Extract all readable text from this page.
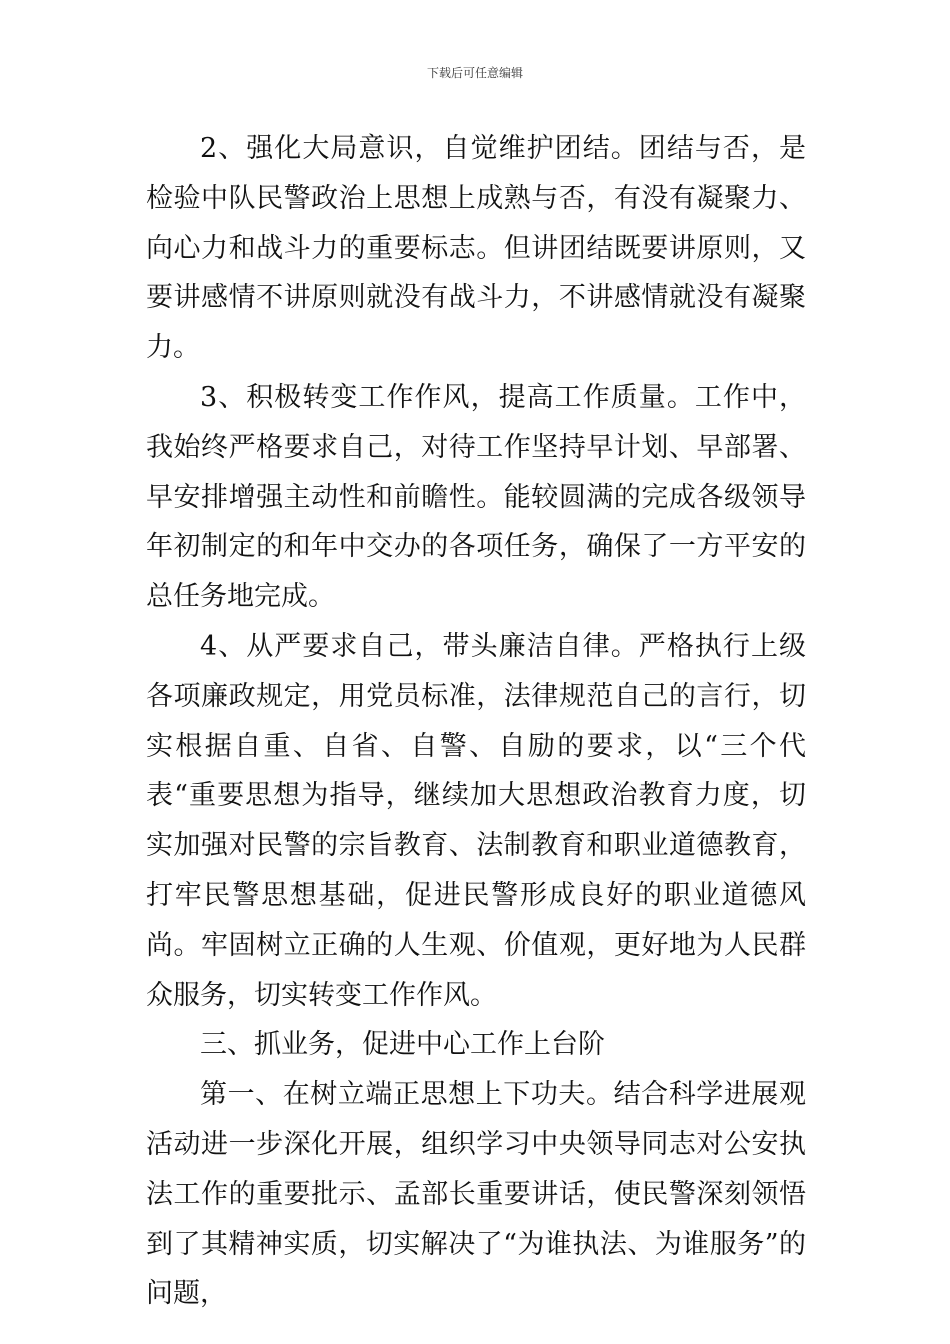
下载后可任意编辑

2、强化大局意识，自觉维护团结。团结与否，是检验中队民警政治上思想上成熟与否，有没有凝聚力、向心力和战斗力的重要标志。但讲团结既要讲原则，又要讲感情不讲原则就没有战斗力，不讲感情就没有凝聚力。

3、积极转变工作作风，提高工作质量。工作中，我始终严格要求自己，对待工作坚持早计划、早部署、早安排增强主动性和前瞻性。能较圆满的完成各级领导年初制定的和年中交办的各项任务，确保了一方平安的总任务地完成。

4、从严要求自己，带头廉洁自律。严格执行上级各项廉政规定，用党员标准，法律规范自己的言行，切实根据自重、自省、自警、自励的要求，以“三个代表“重要思想为指导，继续加大思想政治教育力度，切实加强对民警的宗旨教育、法制教育和职业道德教育，打牢民警思想基础，促进民警形成良好的职业道德风尚。牢固树立正确的人生观、价值观，更好地为人民群众服务，切实转变工作作风。

三、抓业务，促进中心工作上台阶

第一、在树立端正思想上下功夫。结合科学进展观活动进一步深化开展，组织学习中央领导同志对公安执法工作的重要批示、孟部长重要讲话，使民警深刻领悟到了其精神实质，切实解决了“为谁执法、为谁服务”的问题，
